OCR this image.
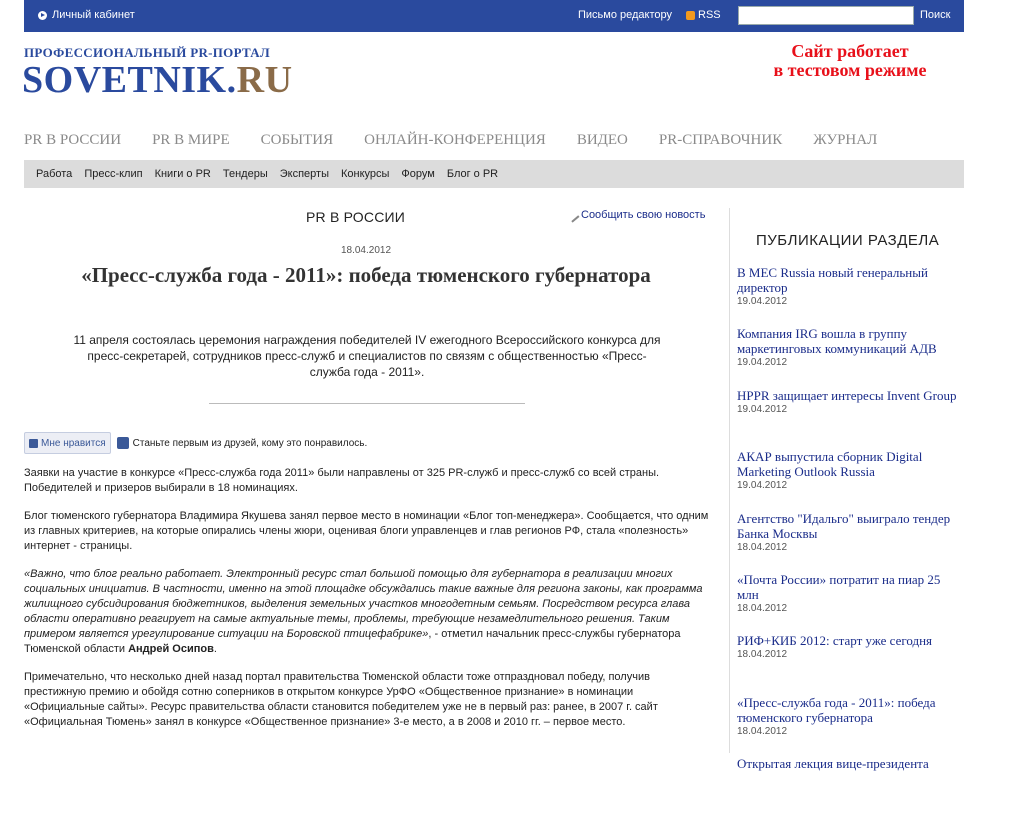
Личный кабинет	Письмо редактору RSS	Поиск
ПРОФЕССИОНАЛЬНЫЙ PR-ПОРТАЛ
SOVETNIK.RU
Сайт работает
в тестовом режиме
PR В РОССИИ PR В МИРЕ СОБЫТИЯ ОНЛАЙН-КОНФЕРЕНЦИЯ ВИДЕО PR-СПРАВОЧНИК ЖУРНАЛ
Работа Пресс-клип Книги о PR Тендеры Эксперты Конкурсы Форум Блог о PR
PR В РОССИИ	Сообщить свою новость
18.04.2012
«Пресс-служба года - 2011»: победа тюменского губернатора
11 апреля состоялась церемония награждения победителей IV ежегодного Всероссийского конкурса для пресс-секретарей, сотрудников пресс-служб и специалистов по связям с общественностью «Пресс-служба года - 2011».
Мне нравится	Станьте первым из друзей, кому это понравилось.

Заявки на участие в конкурсе «Пресс-служба года 2011» были направлены от 325 PR-служб и пресс-служб со всей страны. Победителей и призеров выбирали в 18 номинациях.

Блог тюменского губернатора Владимира Якушева занял первое место в номинации «Блог топ-менеджера». Сообщается, что одним из главных критериев, на которые опирались члены жюри, оценивая блоги управленцев и глав регионов РФ, стала «полезность» интернет - страницы.

«Важно, что блог реально работает. Электронный ресурс стал большой помощью для губернатора в реализации многих социальных инициатив. В частности, именно на этой площадке обсуждались такие важные для региона законы, как программа жилищного субсидирования бюджетников, выделения земельных участков многодетным семьям. Посредством ресурса глава области оперативно реагирует на самые актуальные темы, проблемы, требующие незамедлительного решения. Таким примером является урегулирование ситуации на Боровской птицефабрике», - отметил начальник пресс-службы губернатора Тюменской области Андрей Осипов.

Примечательно, что несколько дней назад портал правительства Тюменской области тоже отпраздновал победу, получив престижную премию и обойдя сотню соперников в открытом конкурсе УрФО «Общественное признание» в номинации «Официальные сайты». Ресурс правительства области становится победителем уже не в первый раз: ранее, в 2007 г. сайт «Официальная Тюмень» занял в конкурсе «Общественное признание» 3-е место, а в 2008 и 2010 гг. – первое место.

ПУБЛИКАЦИИ РАЗДЕЛА
В MEC Russia новый генеральный директор
19.04.2012
Компания IRG вошла в группу маркетинговых коммуникаций АДВ
19.04.2012
HPPR защищает интересы Invent Group
19.04.2012
АКАР выпустила сборник Digital Marketing Outlook Russia
19.04.2012
Агентство "Идальго" выиграло тендер Банка Москвы
18.04.2012
«Почта России» потратит на пиар 25 млн
18.04.2012
РИФ+КИБ 2012: старт уже сегодня
18.04.2012
«Пресс-служба года - 2011»: победа тюменского губернатора
18.04.2012
Открытая лекция вице-президента
